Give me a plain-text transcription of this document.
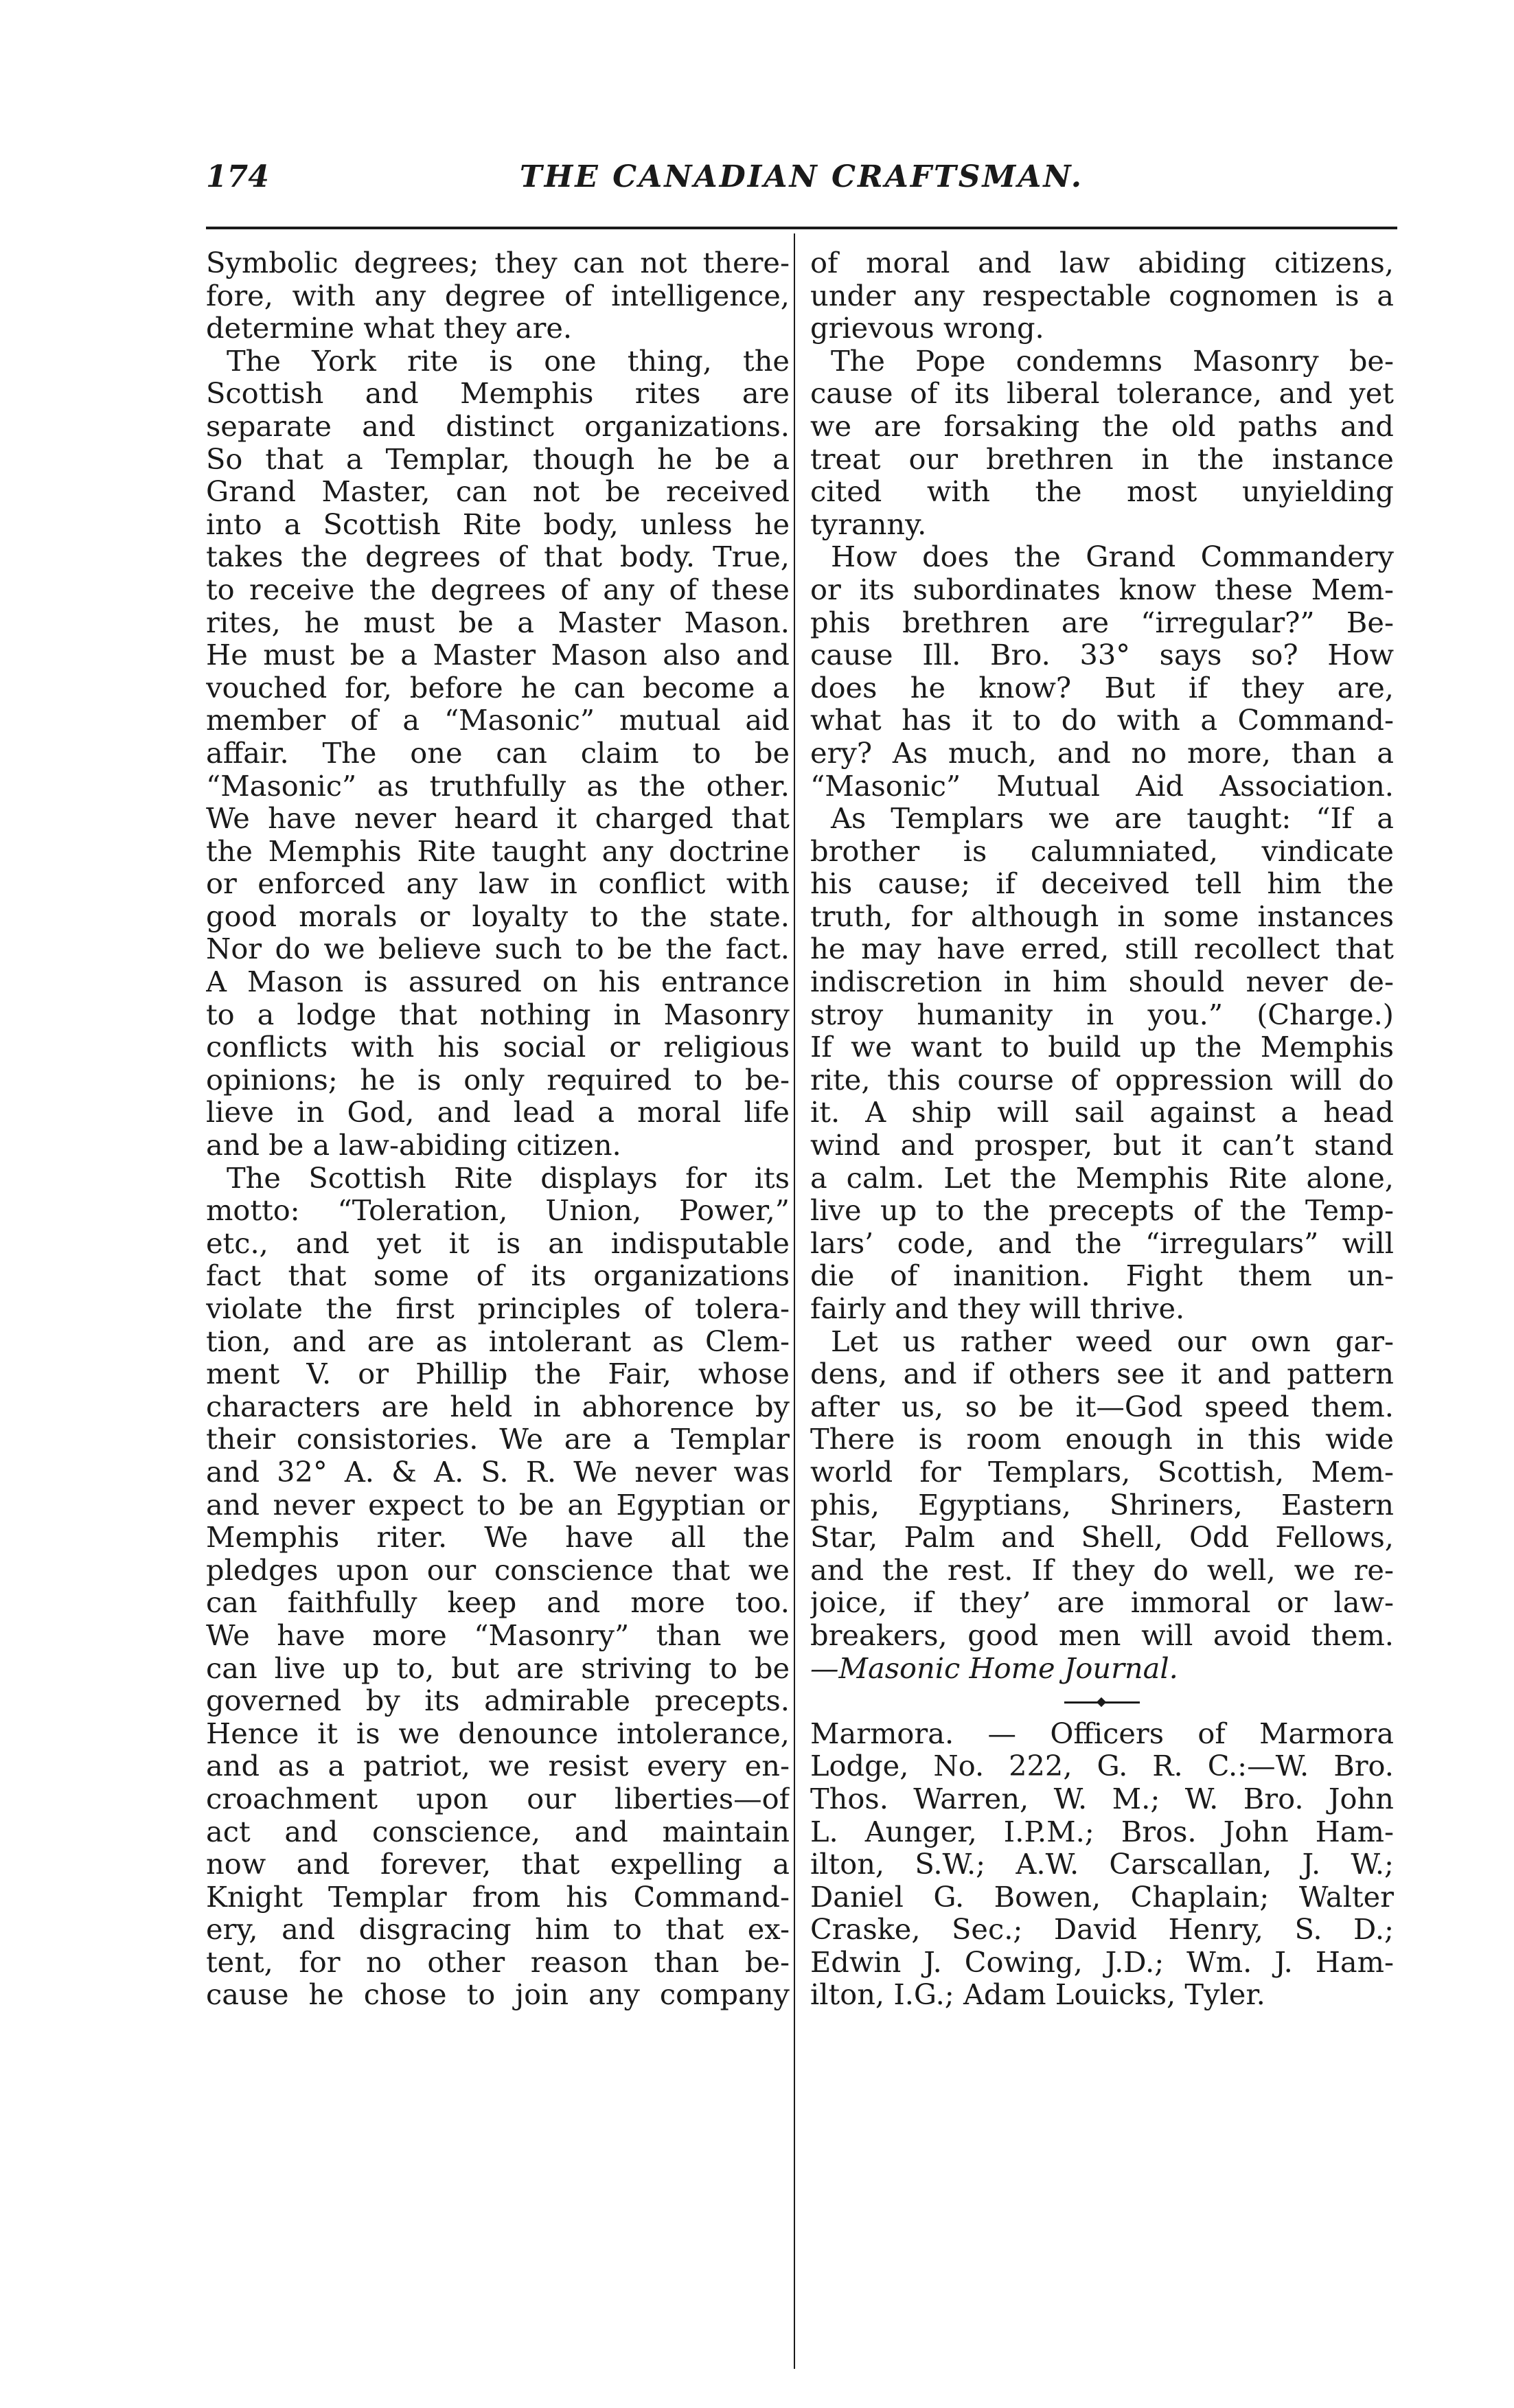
174	THE CANADIAN CRAFTSMAN.
Symbolic degrees; they can not there-
fore, with any degree of intelligence,
determine what they are.
The York rite is one thing, the
Scottish and Memphis rites are
separate and distinct organizations.
So that a Templar, though he be a
Grand Master, can not be received
into a Scottish Rite body, unless he
takes the degrees of that body. True,
to receive the degrees of any of these
rites, he must be a Master Mason.
He must be a Master Mason also and
vouched for, before he can become a
member of a “Masonic” mutual aid
affair. The one can claim to be
“Masonic” as truthfully as the other.
We have never heard it charged that
the Memphis Rite taught any doctrine
or enforced any law in conflict with
good morals or loyalty to the state.
Nor do we believe such to be the fact.
A Mason is assured on his entrance
to a lodge that nothing in Masonry
conflicts with his social or religious
opinions; he is only required to be-
lieve in God, and lead a moral life
and be a law-abiding citizen.
The Scottish Rite displays for its
motto: “Toleration, Union, Power,”
etc., and yet it is an indisputable
fact that some of its organizations
violate the first principles of tolera-
tion, and are as intolerant as Clem-
ment V. or Phillip the Fair, whose
characters are held in abhorence by
their consistories. We are a Templar
and 32° A. & A. S. R. We never was
and never expect to be an Egyptian or
Memphis riter. We have all the
pledges upon our conscience that we
can faithfully keep and more too.
We have more “Masonry” than we
can live up to, but are striving to be
governed by its admirable precepts.
Hence it is we denounce intolerance,
and as a patriot, we resist every en-
croachment upon our liberties—of
act and conscience, and maintain
now and forever, that expelling a
Knight Templar from his Command-
ery, and disgracing him to that ex-
tent, for no other reason than be-
cause he chose to join any company
of moral and law abiding citizens,
under any respectable cognomen is a
grievous wrong.
The Pope condemns Masonry be-
cause of its liberal tolerance, and yet
we are forsaking the old paths and
treat our brethren in the instance
cited with the most unyielding
tyranny.
How does the Grand Commandery
or its subordinates know these Mem-
phis brethren are “irregular?” Be-
cause Ill. Bro. 33° says so? How
does he know? But if they are,
what has it to do with a Command-
ery? As much, and no more, than a
“Masonic” Mutual Aid Association.
As Templars we are taught: “If a
brother is calumniated, vindicate
his cause; if deceived tell him the
truth, for although in some instances
he may have erred, still recollect that
indiscretion in him should never de-
stroy humanity in you.” (Charge.)
If we want to build up the Memphis
rite, this course of oppression will do
it. A ship will sail against a head
wind and prosper, but it can’t stand
a calm. Let the Memphis Rite alone,
live up to the precepts of the Temp-
lars’ code, and the “irregulars” will
die of inanition. Fight them un-
fairly and they will thrive.
Let us rather weed our own gar-
dens, and if others see it and pattern
after us, so be it—God speed them.
There is room enough in this wide
world for Templars, Scottish, Mem-
phis, Egyptians, Shriners, Eastern
Star, Palm and Shell, Odd Fellows,
and the rest. If they do well, we re-
joice, if they’ are immoral or law-
breakers, good men will avoid them.
—Masonic Home Journal.
Marmora. — Officers of Marmora
Lodge, No. 222, G. R. C.:—W. Bro.
Thos. Warren, W. M.; W. Bro. John
L. Aunger, I.P.M.; Bros. John Ham-
ilton, S.W.; A.W. Carscallan, J. W.;
Daniel G. Bowen, Chaplain; Walter
Craske, Sec.; David Henry, S. D.;
Edwin J. Cowing, J.D.; Wm. J. Ham-
ilton, I.G.; Adam Louicks, Tyler.
